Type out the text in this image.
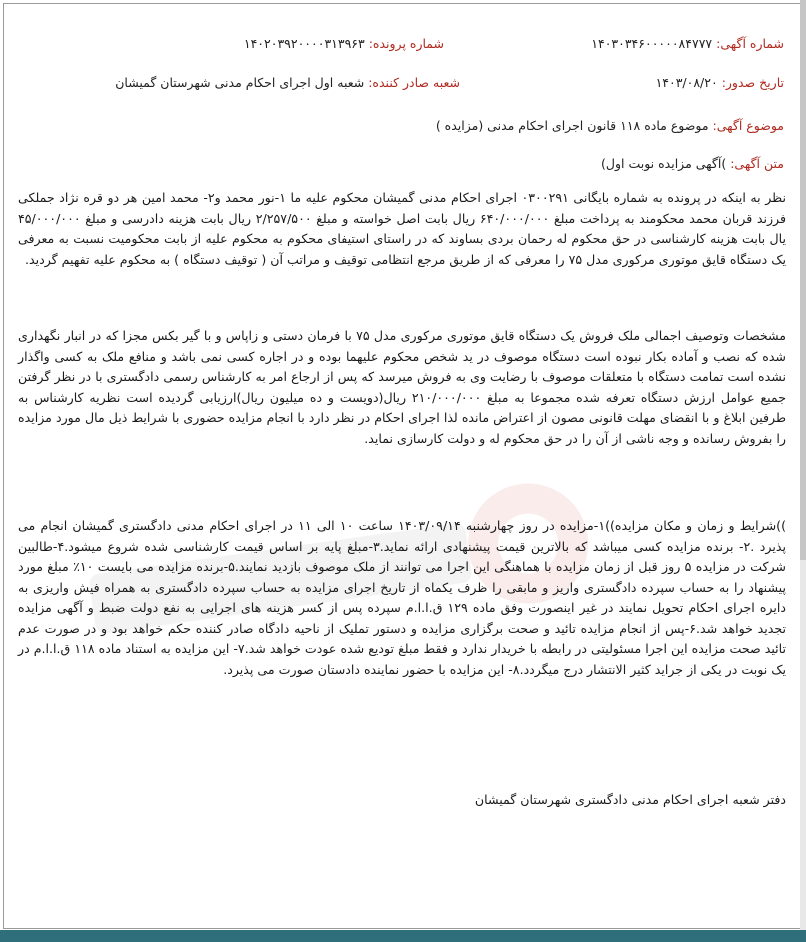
شماره آگهی: ۱۴۰۳۰۳۴۶۰۰۰۰۰۸۴۷۷۷
شماره پرونده: ۱۴۰۲۰۳۹۲۰۰۰۰۳۱۳۹۶۳
تاریخ صدور: ۱۴۰۳/۰۸/۲۰
شعبه صادر کننده: شعبه اول اجرای احکام مدنی شهرستان گمیشان
موضوع آگهی: موضوع ماده ۱۱۸ قانون اجرای احکام مدنی (مزایده )
متن آگهی: )آگهی مزایده نوبت اول)
نظر به اینکه در پرونده به شماره بایگانی ۰۳۰۰۲۹۱ اجرای احکام مدنی گمیشان محکوم علیه ما ۱-نور محمد و۲- محمد امین هر دو قره نژاد جملکی فرزند قربان محمد محکومند به پرداخت مبلغ ۶۴۰/۰۰۰/۰۰۰ ریال بابت اصل خواسته و مبلغ ۲/۲۵۷/۵۰۰ ریال بابت هزینه دادرسی و مبلغ ۴۵/۰۰۰/۰۰۰ یال بابت هزینه کارشناسی در حق محکوم له رحمان بردی بساوند که در راستای استیفای محکوم به محکوم علیه از بابت محکومیت نسبت به معرفی یک دستگاه قایق موتوری مرکوری مدل ۷۵ را معرفی که از طریق مرجع انتظامی توقیف و مراتب آن ( توقیف دستگاه ) به محکوم علیه تفهیم گردید.
مشخصات وتوصیف اجمالی ملک فروش یک دستگاه قایق موتوری مرکوری مدل ۷۵ با فرمان دستی و زاپاس و با گیر بکس مجزا که در انبار نگهداری شده که نصب و آماده بکار نبوده است دستگاه موصوف در ید شخص محکوم علیهما بوده و در اجاره کسی نمی باشد و منافع ملک به کسی واگذار نشده است تمامت دستگاه با متعلقات موصوف با رضایت وی به فروش میرسد که پس از ارجاع امر به کارشناس رسمی دادگستری با در نظر گرفتن جمیع عوامل ارزش دستگاه تعرفه شده مجموعا به مبلغ ۲۱۰/۰۰۰/۰۰۰ ریال(دویست و ده میلیون ریال)ارزیابی گردیده است نظریه کارشناس به طرفین ابلاغ و با انقضای مهلت قانونی مصون از اعتراض مانده لذا اجرای احکام در نظر دارد با انجام مزایده حضوری با شرایط ذیل مال مورد مزایده را بفروش رسانده و وجه ناشی از آن را در حق محکوم له و دولت کارسازی نماید.
))شرایط و زمان و مکان مزایده))۱-مزایده در روز چهارشنبه ۱۴۰۳/۰۹/۱۴ ساعت ۱۰ الی ۱۱ در اجرای احکام مدنی دادگستری گمیشان انجام می پذیرد .۲- برنده مزایده کسی میباشد که بالاترین قیمت پیشنهادی ارائه نماید.۳-مبلغ پایه بر اساس قیمت کارشناسی شده شروع میشود.۴-طالبین شرکت در مزایده ۵ روز قبل از زمان مزایده با هماهنگی این اجرا می توانند از ملک موصوف بازدید نمایند.۵-برنده مزایده می بایست ۱۰٪ مبلغ مورد پیشنهاد را به حساب سپرده دادگستری واریز و مابقی را ظرف یکماه از تاریخ اجرای مزایده به حساب سپرده دادگستری به همراه فیش واریزی به دایره اجرای احکام تحویل نمایند در غیر اینصورت وفق ماده ۱۲۹ ق.ا.ا.م سپرده پس از کسر هزینه های اجرایی به نفع دولت ضبط و آگهی مزایده تجدید خواهد شد.۶-پس از انجام مزایده تائید و صحت برگزاری مزایده و دستور تملیک از ناحیه دادگاه صادر کننده حکم خواهد بود و در صورت عدم تائید صحت مزایده این اجرا مسئولیتی در رابطه با خریدار ندارد و فقط مبلغ تودیع شده عودت خواهد شد.۷- این مزایده به استناد ماده ۱۱۸ ق.ا.ا.م در یک نوبت در یکی از جراید کثیر الانتشار درج میگردد.۸- این مزایده با حضور نماینده دادستان صورت می پذیرد.
دفتر شعبه اجرای احکام مدنی دادگستری شهرستان گمیشان
